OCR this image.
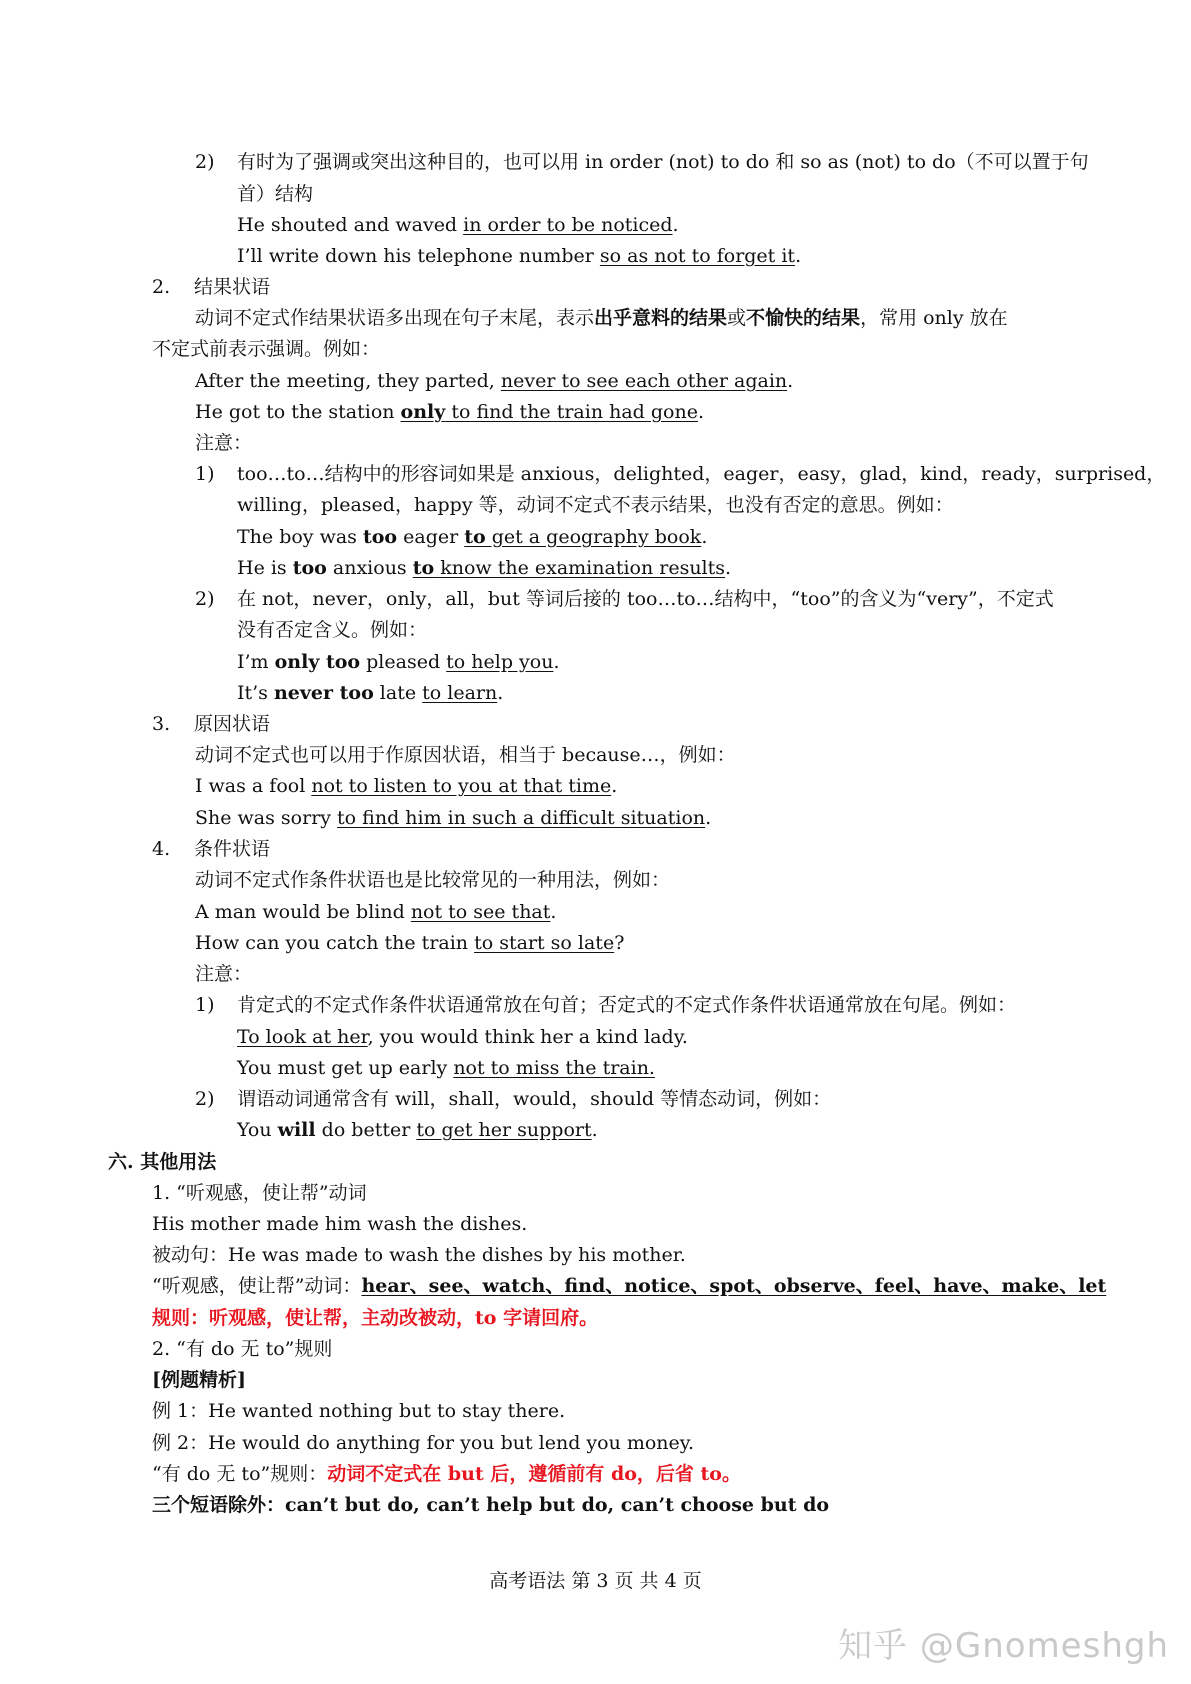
2) 有时为了强调或突出这种目的，也可以用 in order (not) to do 和 so as (not) to do（不可以置于句
首）结构
He shouted and waved in order to be noticed.
I’ll write down his telephone number so as not to forget it.
2. 结果状语
动词不定式作结果状语多出现在句子末尾，表示出乎意料的结果或不愉快的结果，常用 only 放在
不定式前表示强调。例如：
After the meeting, they parted, never to see each other again.
He got to the station only to find the train had gone.
注意：
1) too…to…结构中的形容词如果是 anxious，delighted，eager，easy，glad，kind，ready，surprised，
willing，pleased，happy 等，动词不定式不表示结果，也没有否定的意思。例如：
The boy was too eager to get a geography book.
He is too anxious to know the examination results.
2) 在 not，never，only，all，but 等词后接的 too…to…结构中，“too”的含义为“very”，不定式
没有否定含义。例如：
I’m only too pleased to help you.
It’s never too late to learn.
3. 原因状语
动词不定式也可以用于作原因状语，相当于 because…，例如：
I was a fool not to listen to you at that time.
She was sorry to find him in such a difficult situation.
4. 条件状语
动词不定式作条件状语也是比较常见的一种用法，例如：
A man would be blind not to see that.
How can you catch the train to start so late?
注意：
1) 肯定式的不定式作条件状语通常放在句首；否定式的不定式作条件状语通常放在句尾。例如：
To look at her, you would think her a kind lady.
You must get up early not to miss the train.
2) 谓语动词通常含有 will，shall，would，should 等情态动词，例如：
You will do better to get her support.
六. 其他用法
1. “听观感，使让帮”动词
His mother made him wash the dishes.
被动句：He was made to wash the dishes by his mother.
“听观感，使让帮”动词：hear、see、watch、find、notice、spot、observe、feel、have、make、let
规则：听观感，使让帮，主动改被动，to 字请回府。
2. “有 do 无 to”规则
[例题精析]
例 1：He wanted nothing but to stay there.
例 2：He would do anything for you but lend you money.
“有 do 无 to”规则：动词不定式在 but 后，遵循前有 do，后省 to。
三个短语除外：can’t but do, can’t help but do, can’t choose but do
高考语法 第 3 页 共 4 页
知乎 @Gnomeshgh
